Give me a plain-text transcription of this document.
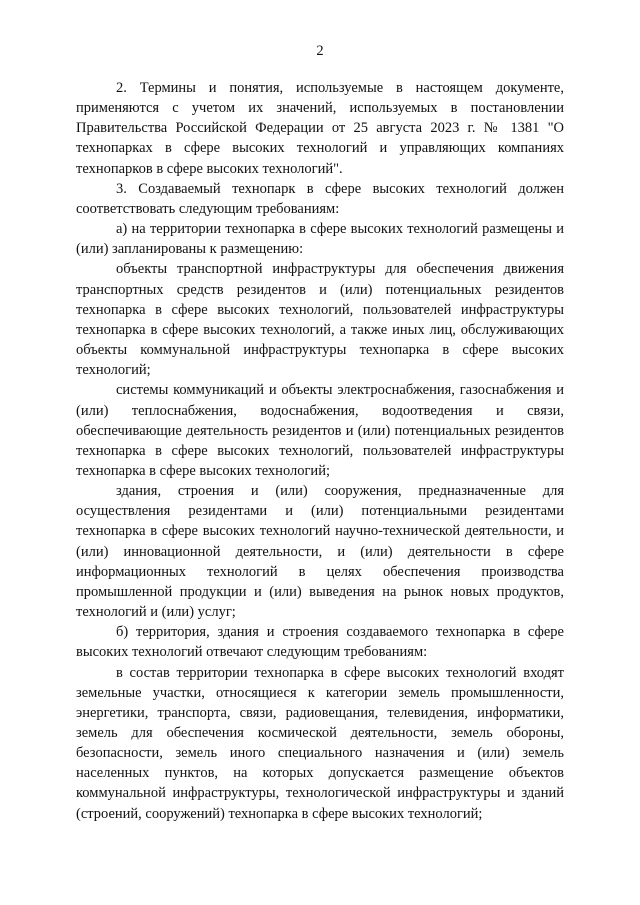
2

2. Термины и понятия, используемые в настоящем документе, применяются с учетом их значений, используемых в постановлении Правительства Российской Федерации от 25 августа 2023 г. № 1381 "О технопарках в сфере высоких технологий и управляющих компаниях технопарков в сфере высоких технологий".

3. Создаваемый технопарк в сфере высоких технологий должен соответствовать следующим требованиям:

а) на территории технопарка в сфере высоких технологий размещены и (или) запланированы к размещению:

объекты транспортной инфраструктуры для обеспечения движения транспортных средств резидентов и (или) потенциальных резидентов технопарка в сфере высоких технологий, пользователей инфраструктуры технопарка в сфере высоких технологий, а также иных лиц, обслуживающих объекты коммунальной инфраструктуры технопарка в сфере высоких технологий;

системы коммуникаций и объекты электроснабжения, газоснабжения и (или) теплоснабжения, водоснабжения, водоотведения и связи, обеспечивающие деятельность резидентов и (или) потенциальных резидентов технопарка в сфере высоких технологий, пользователей инфраструктуры технопарка в сфере высоких технологий;

здания, строения и (или) сооружения, предназначенные для осуществления резидентами и (или) потенциальными резидентами технопарка в сфере высоких технологий научно-технической деятельности, и (или) инновационной деятельности, и (или) деятельности в сфере информационных технологий в целях обеспечения производства промышленной продукции и (или) выведения на рынок новых продуктов, технологий и (или) услуг;

б) территория, здания и строения создаваемого технопарка в сфере высоких технологий отвечают следующим требованиям:

в состав территории технопарка в сфере высоких технологий входят земельные участки, относящиеся к категории земель промышленности, энергетики, транспорта, связи, радиовещания, телевидения, информатики, земель для обеспечения космической деятельности, земель обороны, безопасности, земель иного специального назначения и (или) земель населенных пунктов, на которых допускается размещение объектов коммунальной инфраструктуры, технологической инфраструктуры и зданий (строений, сооружений) технопарка в сфере высоких технологий;
